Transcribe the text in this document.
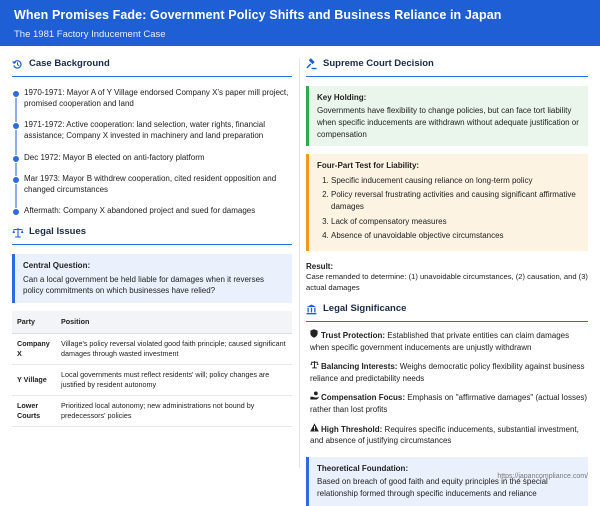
When Promises Fade: Government Policy Shifts and Business Reliance in Japan
The 1981 Factory Inducement Case
Case Background
1970-1971: Mayor A of Y Village endorsed Company X's paper mill project, promised cooperation and land
1971-1972: Active cooperation: land selection, water rights, financial assistance; Company X invested in machinery and land preparation
Dec 1972: Mayor B elected on anti-factory platform
Mar 1973: Mayor B withdrew cooperation, cited resident opposition and changed circumstances
Aftermath: Company X abandoned project and sued for damages
Legal Issues
Central Question:
Can a local government be held liable for damages when it reverses policy commitments on which businesses have relied?
Party	Position
Company X	Village's policy reversal violated good faith principle; caused significant damages through wasted investment
Y Village	Local governments must reflect residents' will; policy changes are justified by resident autonomy
Lower Courts	Prioritized local autonomy; new administrations not bound by predecessors' policies
Supreme Court Decision
Key Holding:
Governments have flexibility to change policies, but can face tort liability when specific inducements are withdrawn without adequate justification or compensation
Four-Part Test for Liability:
1. Specific inducement causing reliance on long-term policy
2. Policy reversal frustrating activities and causing significant affirmative damages
3. Lack of compensatory measures
4. Absence of unavoidable objective circumstances
Result:
Case remanded to determine: (1) unavoidable circumstances, (2) causation, and (3) actual damages
Legal Significance
Trust Protection: Established that private entities can claim damages when specific government inducements are unjustly withdrawn
Balancing Interests: Weighs democratic policy flexibility against business reliance and predictability needs
Compensation Focus: Emphasis on "affirmative damages" (actual losses) rather than lost profits
High Threshold: Requires specific inducements, substantial investment, and absence of justifying circumstances
Theoretical Foundation:
Based on breach of good faith and equity principles in the special relationship formed through specific inducements and reliance
https://japancompliance.com/
